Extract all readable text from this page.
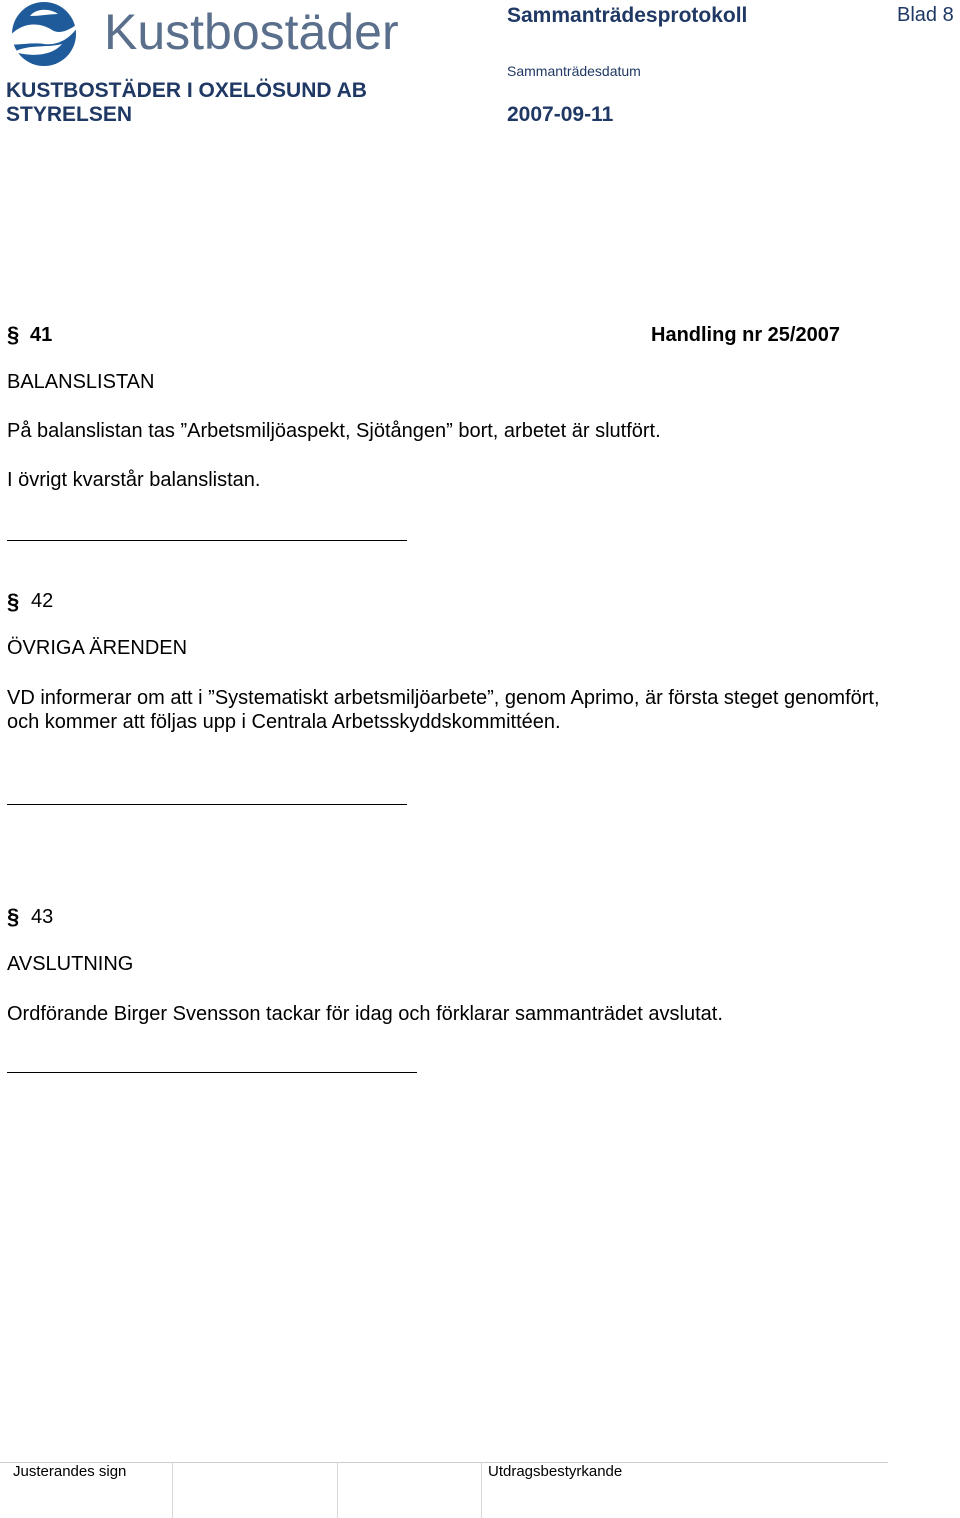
Kustbostäder	Sammanträdesprotokoll	Blad 8
Sammanträdesdatum
KUSTBOSTÄDER I OXELÖSUND AB
STYRELSEN	2007-09-11
§ 41	Handling nr 25/2007
BALANSLISTAN
På balanslistan tas ”Arbetsmiljöaspekt, Sjötången” bort, arbetet är slutfört.
I övrigt kvarstår balanslistan.
§ 42
ÖVRIGA ÄRENDEN
VD informerar om att i ”Systematiskt arbetsmiljöarbete”, genom Aprimo, är första steget genomfört, och kommer att följas upp i Centrala Arbetsskyddskommittéen.
§ 43
AVSLUTNING
Ordförande Birger Svensson tackar för idag och förklarar sammanträdet avslutat.
Justerandes sign	Utdragsbestyrkande
